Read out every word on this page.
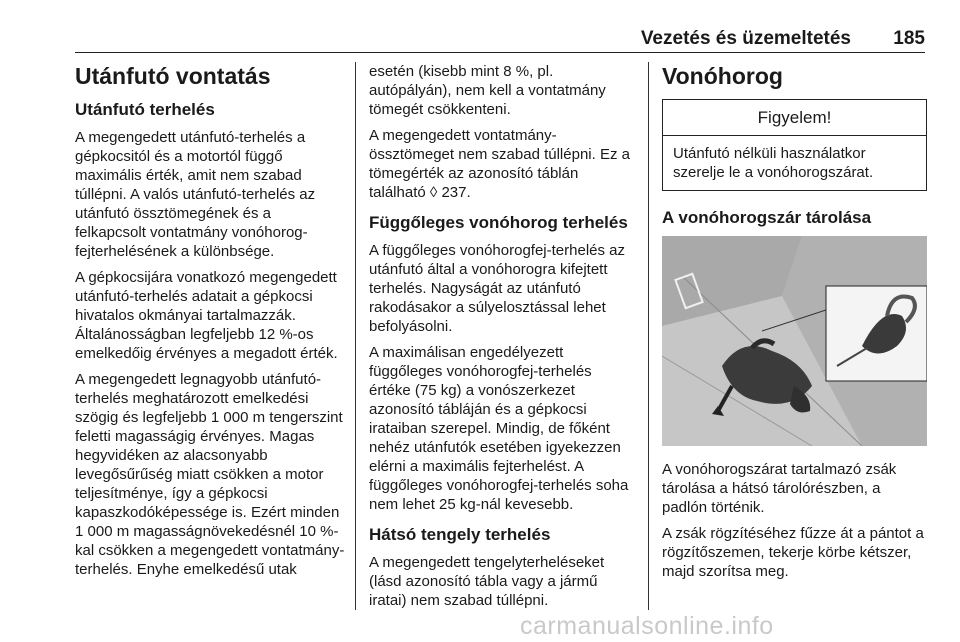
Vezetés és üzemeltetés 185
Utánfutó vontatás
Utánfutó terhelés

A megengedett utánfutó-terhelés a gépkocsitól és a motortól függő maximális érték, amit nem szabad túllépni. A valós utánfutó-terhelés az utánfutó össztömegének és a felkapcsolt vontatmány vonóhorog-fejterhelésének a különbsége.

A gépkocsijára vonatkozó megengedett utánfutó-terhelés adatait a gépkocsi hivatalos okmányai tartalmazzák. Általánosságban legfeljebb 12 %-os emelkedőig érvényes a megadott érték.

A megengedett legnagyobb utánfutó-terhelés meghatározott emelkedési szögig és legfeljebb 1 000 m tengerszint feletti magasságig érvényes. Magas hegyvidéken az alacsonyabb levegősűrűség miatt csökken a motor teljesítménye, így a gépkocsi kapaszkodóképessége is. Ezért minden 1 000 m magasságnövekedésnél 10 %-kal csökken a megengedett vontatmány-terhelés. Enyhe emelkedésű utak

esetén (kisebb mint 8 %, pl. autópályán), nem kell a vontatmány tömegét csökkenteni.

A megengedett vontatmány-össztömeget nem szabad túllépni. Ez a tömegérték az azonosító táblán található ◊ 237.

Függőleges vonóhorog terhelés

A függőleges vonóhorogfej-terhelés az utánfutó által a vonóhorogra kifejtett terhelés. Nagyságát az utánfutó rakodásakor a súlyelosztással lehet befolyásolni.

A maximálisan engedélyezett függőleges vonóhorogfej-terhelés értéke (75 kg) a vonószerkezet azonosító tábláján és a gépkocsi irataiban szerepel. Mindig, de főként nehéz utánfutók esetében igyekezzen elérni a maximális fejterhelést. A függőleges vonóhorogfej-terhelés soha nem lehet 25 kg-nál kevesebb.

Hátsó tengely terhelés

A megengedett tengelyterheléseket (lásd azonosító tábla vagy a jármű iratai) nem szabad túllépni.

Vonóhorog
Figyelem!
Utánfutó nélküli használatkor szerelje le a vonóhorogszárat.
A vonóhorogszár tárolása

A vonóhorogszárat tartalmazó zsák tárolása a hátsó tárolórészben, a padlón történik.

A zsák rögzítéséhez fűzze át a pántot a rögzítőszemen, tekerje körbe kétszer, majd szorítsa meg.

carmanualsonline.info
